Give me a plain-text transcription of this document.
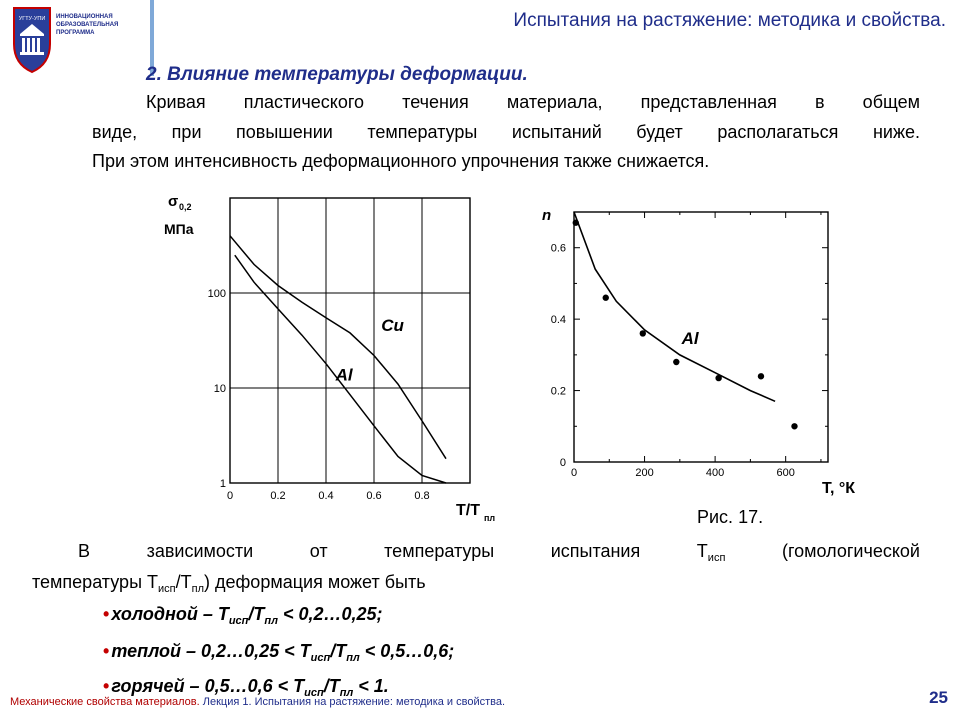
УГТУ-УПИ ИННОВАЦИОННАЯ
ОБРАЗОВАТЕЛЬНАЯ
ПРОГРАММА
Испытания на растяжение: методика и свойства.
2. Влияние температуры деформации.
Кривая пластического течения материала, представленная в общем
виде, при повышении температуры испытаний будет располагаться ниже.
При этом интенсивность деформационного упрочнения также снижается.
σ 0,2
МПа
0	0.2	0.4	0.6	0.8
1
10
100
Cu
Al
Т/Т пл
n
0	200	400	600
0
0.2
0.4
0.6
Al
T, °К
Рис. 17.
В	зависимости	от	температуры	испытания	$Т_{исп}$	(гомологической
температуры $Т_{исп}/Т_{пл}$) деформация может быть
• холодной – $Т_{исп}/Т_{пл}$ < 0,2…0,25;
• теплой – 0,2…0,25 < $Т_{исп}/Т_{пл}$ < 0,5…0,6;
• горячей – 0,5…0,6 < $Т_{исп}/Т_{пл} < 1$.
Механические свойства материалов. Лекция 1. Испытания на растяжение: методика и свойства.	25
